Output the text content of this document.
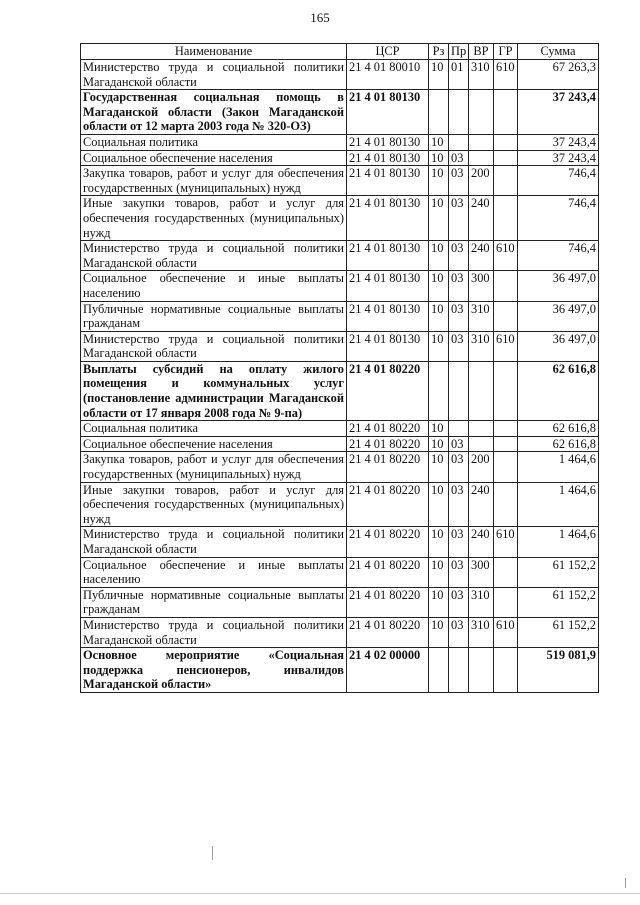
165
Наименование	ЦСР	Рз	Пр	ВР	ГР	Сумма
Министерство труда и социальной политики Магаданской области	21 4 01 80010	10	01	310	610	67 263,3
Государственная социальная помощь в Магаданской области (Закон Магаданской области от 12 марта 2003 года № 320-ОЗ)	21 4 01 80130					37 243,4
Социальная политика	21 4 01 80130	10				37 243,4
Социальное обеспечение населения	21 4 01 80130	10	03			37 243,4
Закупка товаров, работ и услуг для обеспечения государственных (муниципальных) нужд	21 4 01 80130	10	03	200		746,4
Иные закупки товаров, работ и услуг для обеспечения государственных (муниципальных) нужд	21 4 01 80130	10	03	240		746,4
Министерство труда и социальной политики Магаданской области	21 4 01 80130	10	03	240	610	746,4
Социальное обеспечение и иные выплаты населению	21 4 01 80130	10	03	300		36 497,0
Публичные нормативные социальные выплаты гражданам	21 4 01 80130	10	03	310		36 497,0
Министерство труда и социальной политики Магаданской области	21 4 01 80130	10	03	310	610	36 497,0
Выплаты субсидий на оплату жилого помещения и коммунальных услуг (постановление администрации Магаданской области от 17 января 2008 года № 9-па)	21 4 01 80220					62 616,8
Социальная политика	21 4 01 80220	10				62 616,8
Социальное обеспечение населения	21 4 01 80220	10	03			62 616,8
Закупка товаров, работ и услуг для обеспечения государственных (муниципальных) нужд	21 4 01 80220	10	03	200		1 464,6
Иные закупки товаров, работ и услуг для обеспечения государственных (муниципальных) нужд	21 4 01 80220	10	03	240		1 464,6
Министерство труда и социальной политики Магаданской области	21 4 01 80220	10	03	240	610	1 464,6
Социальное обеспечение и иные выплаты населению	21 4 01 80220	10	03	300		61 152,2
Публичные нормативные социальные выплаты гражданам	21 4 01 80220	10	03	310		61 152,2
Министерство труда и социальной политики Магаданской области	21 4 01 80220	10	03	310	610	61 152,2
Основное мероприятие «Социальная поддержка пенсионеров, инвалидов Магаданской области»	21 4 02 00000					519 081,9
